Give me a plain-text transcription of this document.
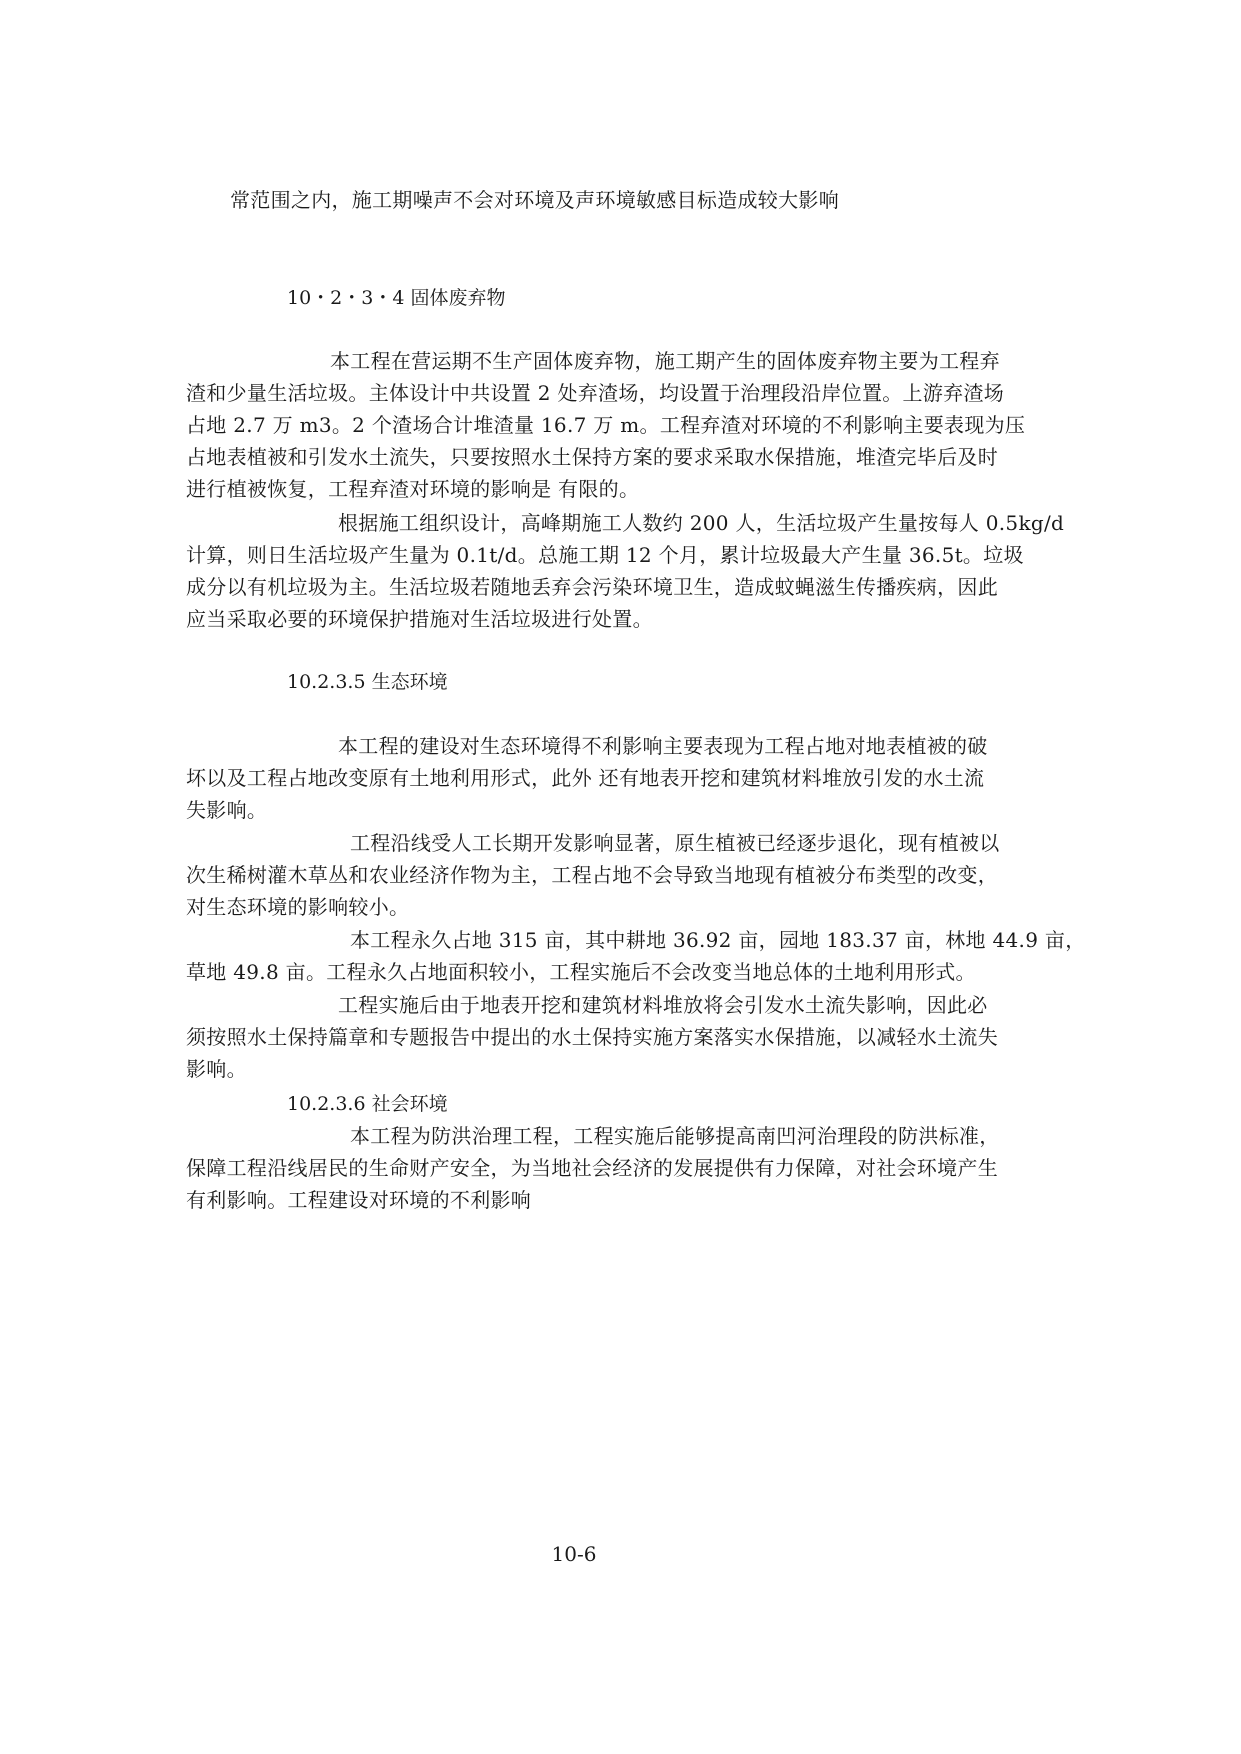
常范围之内，施工期噪声不会对环境及声环境敏感目标造成较大影响
10・2・3・4 固体废弃物
本工程在营运期不生产固体废弃物，施工期产生的固体废弃物主要为工程弃
渣和少量生活垃圾。主体设计中共设置 2 处弃渣场，均设置于治理段沿岸位置。上游弃渣场
占地 2.7 万 m3。2 个渣场合计堆渣量 16.7 万 m。工程弃渣对环境的不利影响主要表现为压
占地表植被和引发水土流失，只要按照水土保持方案的要求采取水保措施，堆渣完毕后及时
进行植被恢复，工程弃渣对环境的影响是 有限的。
根据施工组织设计，高峰期施工人数约 200 人，生活垃圾产生量按每人 0.5kg/d
计算，则日生活垃圾产生量为 0.1t/d。总施工期 12 个月，累计垃圾最大产生量 36.5t。垃圾
成分以有机垃圾为主。生活垃圾若随地丢弃会污染环境卫生，造成蚊蝇滋生传播疾病，因此
应当采取必要的环境保护措施对生活垃圾进行处置。
10.2.3.5 生态环境
本工程的建设对生态环境得不利影响主要表现为工程占地对地表植被的破
坏以及工程占地改变原有土地利用形式，此外 还有地表开挖和建筑材料堆放引发的水土流
失影响。
工程沿线受人工长期开发影响显著，原生植被已经逐步退化，现有植被以
次生稀树灌木草丛和农业经济作物为主，工程占地不会导致当地现有植被分布类型的改变，
对生态环境的影响较小。
本工程永久占地 315 亩，其中耕地 36.92 亩，园地 183.37 亩，林地 44.9 亩，
草地 49.8 亩。工程永久占地面积较小，工程实施后不会改变当地总体的土地利用形式。
工程实施后由于地表开挖和建筑材料堆放将会引发水土流失影响，因此必
须按照水土保持篇章和专题报告中提出的水土保持实施方案落实水保措施，以减轻水土流失
影响。
10.2.3.6 社会环境
本工程为防洪治理工程，工程实施后能够提高南凹河治理段的防洪标准，
保障工程沿线居民的生命财产安全，为当地社会经济的发展提供有力保障，对社会环境产生
有利影响。工程建设对环境的不利影响
10-6
